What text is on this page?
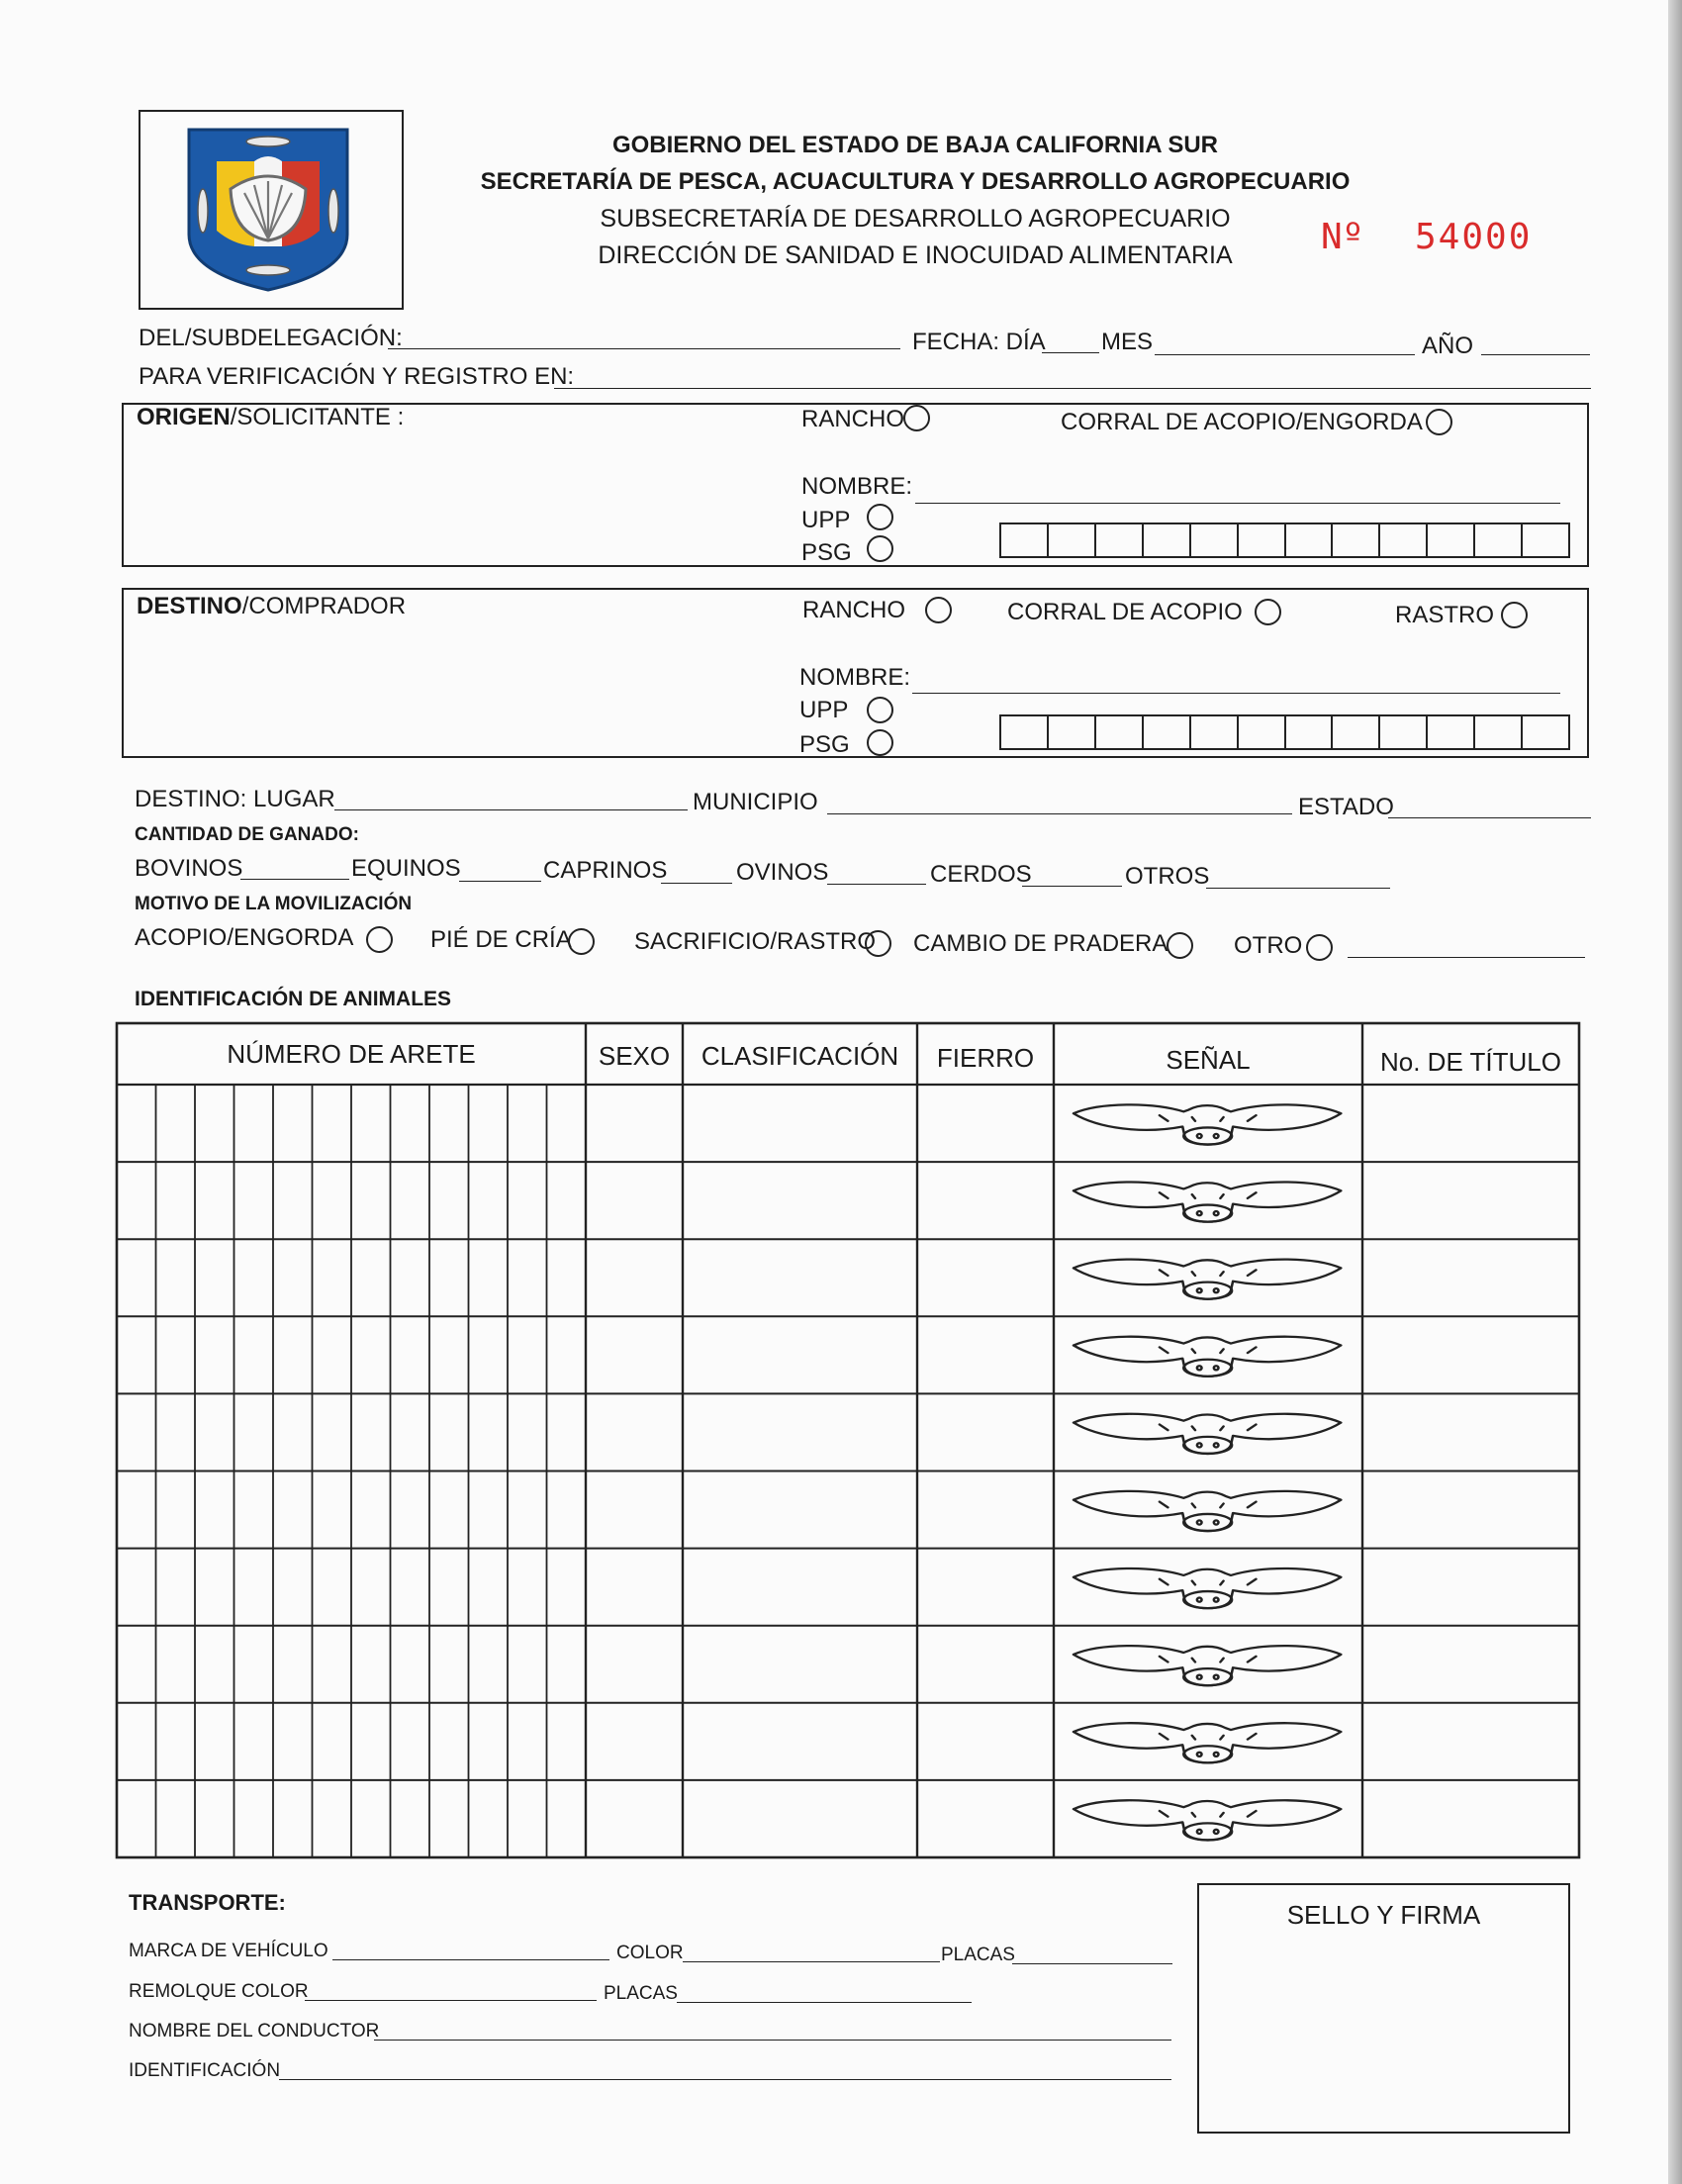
GOBIERNO DEL ESTADO DE BAJA CALIFORNIA SUR
SECRETARÍA DE PESCA, ACUACULTURA Y DESARROLLO AGROPECUARIO
SUBSECRETARÍA DE DESARROLLO AGROPECUARIO
DIRECCIÓN DE SANIDAD E INOCUIDAD ALIMENTARIA	Nº 54000
DEL/SUBDELEGACIÓN:	FECHA: DÍA MES	AÑO
PARA VERIFICACIÓN Y REGISTRO EN:
ORIGEN/SOLICITANTE :	RANCHO	CORRAL DE ACOPIO/ENGORDA
NOMBRE:
UPP
PSG
DESTINO/COMPRADOR	RANCHO	CORRAL DE ACOPIO	RASTRO
NOMBRE:
UPP
PSG
DESTINO: LUGAR	MUNICIPIO	ESTADO
CANTIDAD DE GANADO:
BOVINOS	EQUINOS	CAPRINOS	OVINOS	CERDOS	OTROS
MOTIVO DE LA MOVILIZACIÓN
ACOPIO/ENGORDA	PIÉ DE CRÍA	SACRIFICIO/RASTRO CAMBIO DE PRADERA	OTRO
IDENTIFICACIÓN DE ANIMALES
NÚMERO DE ARETE	SEXO	CLASIFICACIÓN	FIERRO	SEÑAL	No. DE TÍTULO
TRANSPORTE:
MARCA DE VEHÍCULO	COLOR	PLACAS
REMOLQUE COLOR	PLACAS
NOMBRE DEL CONDUCTOR
IDENTIFICACIÓN
SELLO Y FIRMA
